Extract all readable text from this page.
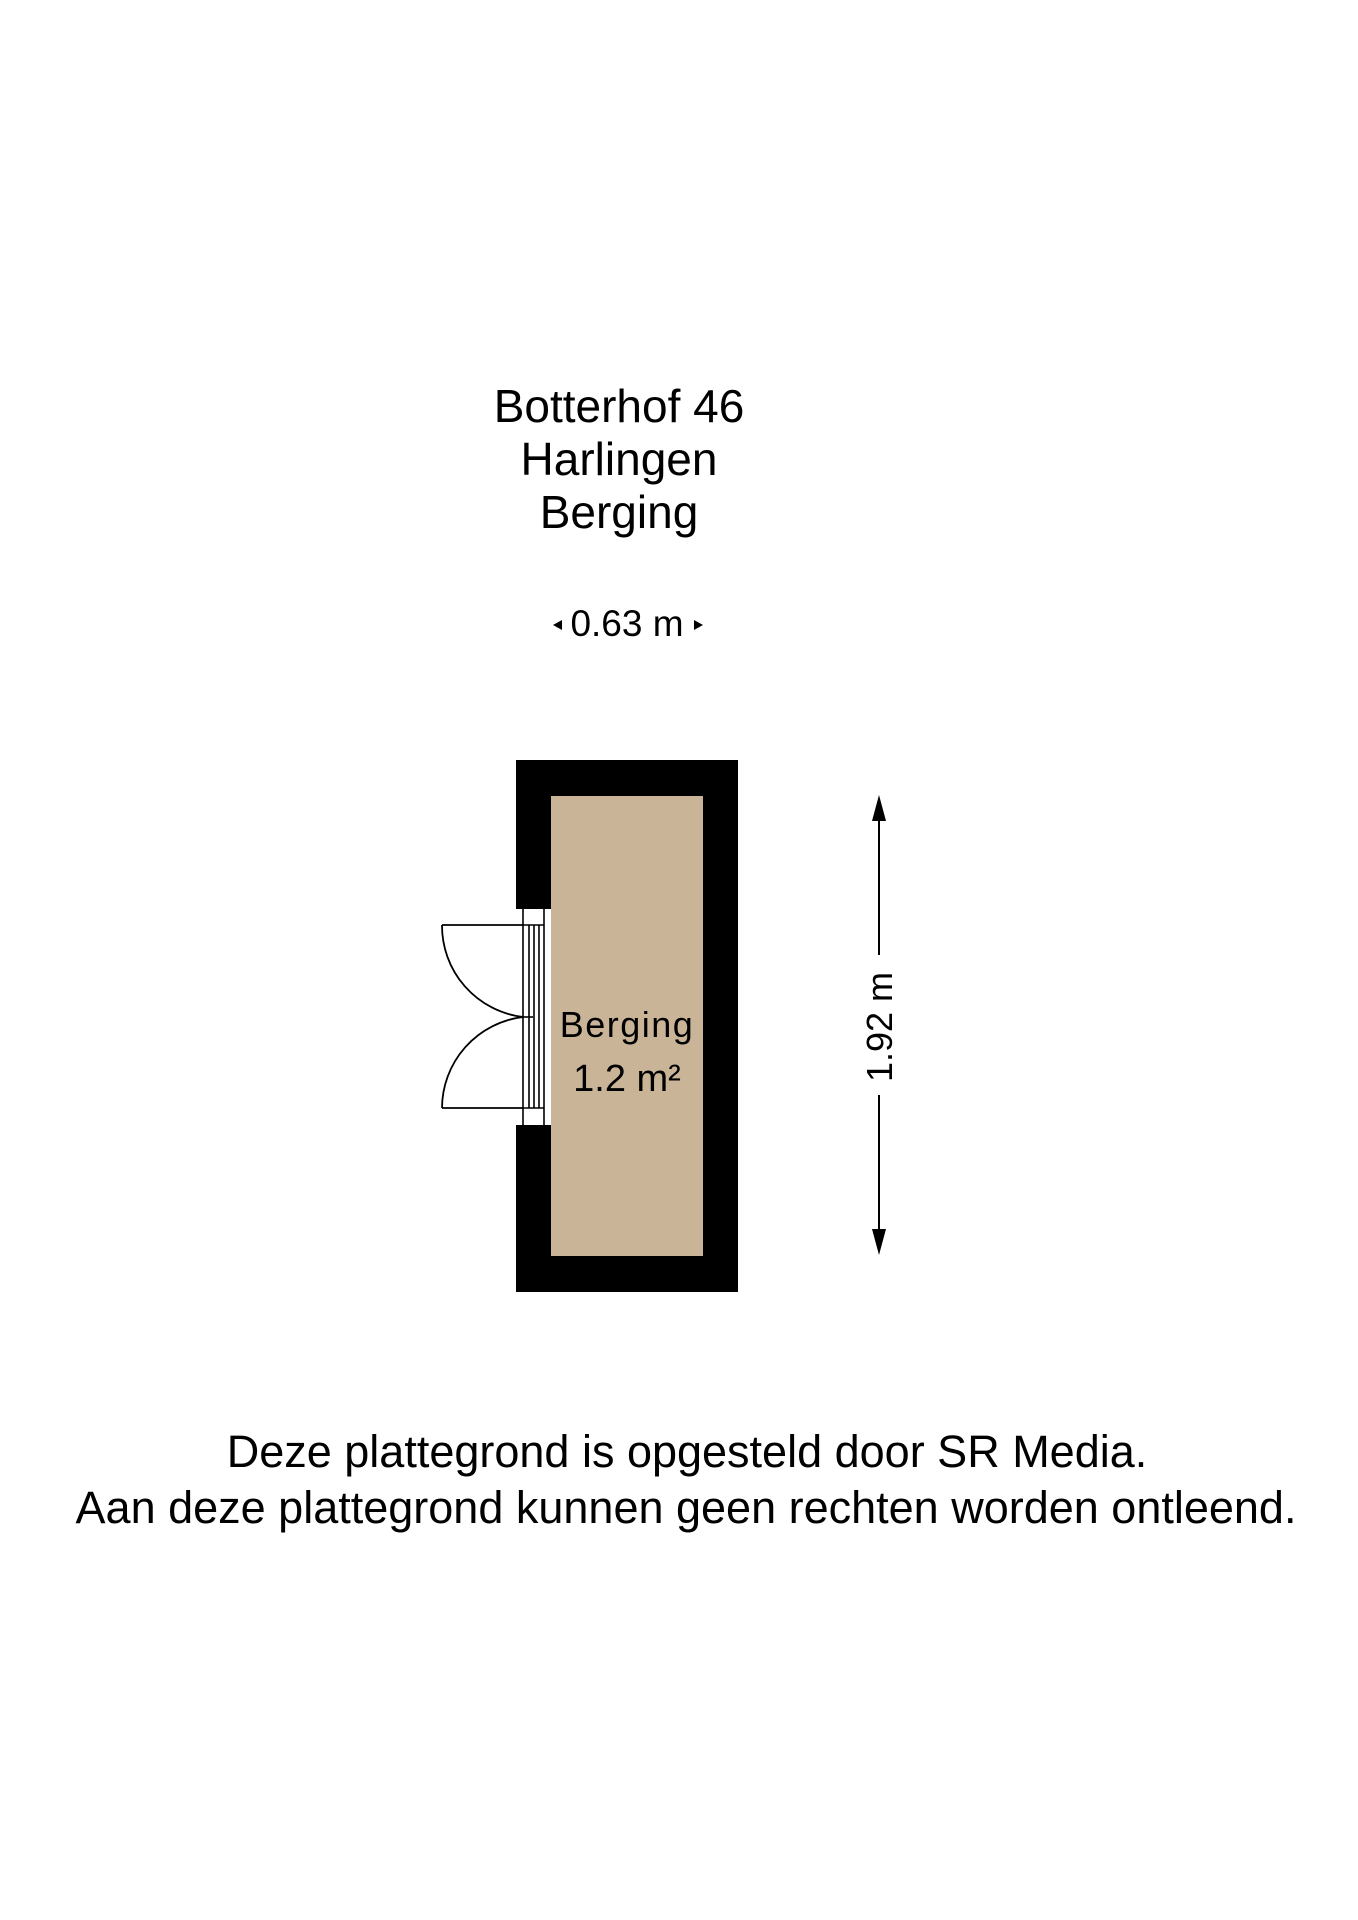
Botterhof 46
Harlingen
Berging
0.63 m
Berging
1.2 m²	1.92 m
Deze plattegrond is opgesteld door SR Media.
Aan deze plattegrond kunnen geen rechten worden ontleend.
